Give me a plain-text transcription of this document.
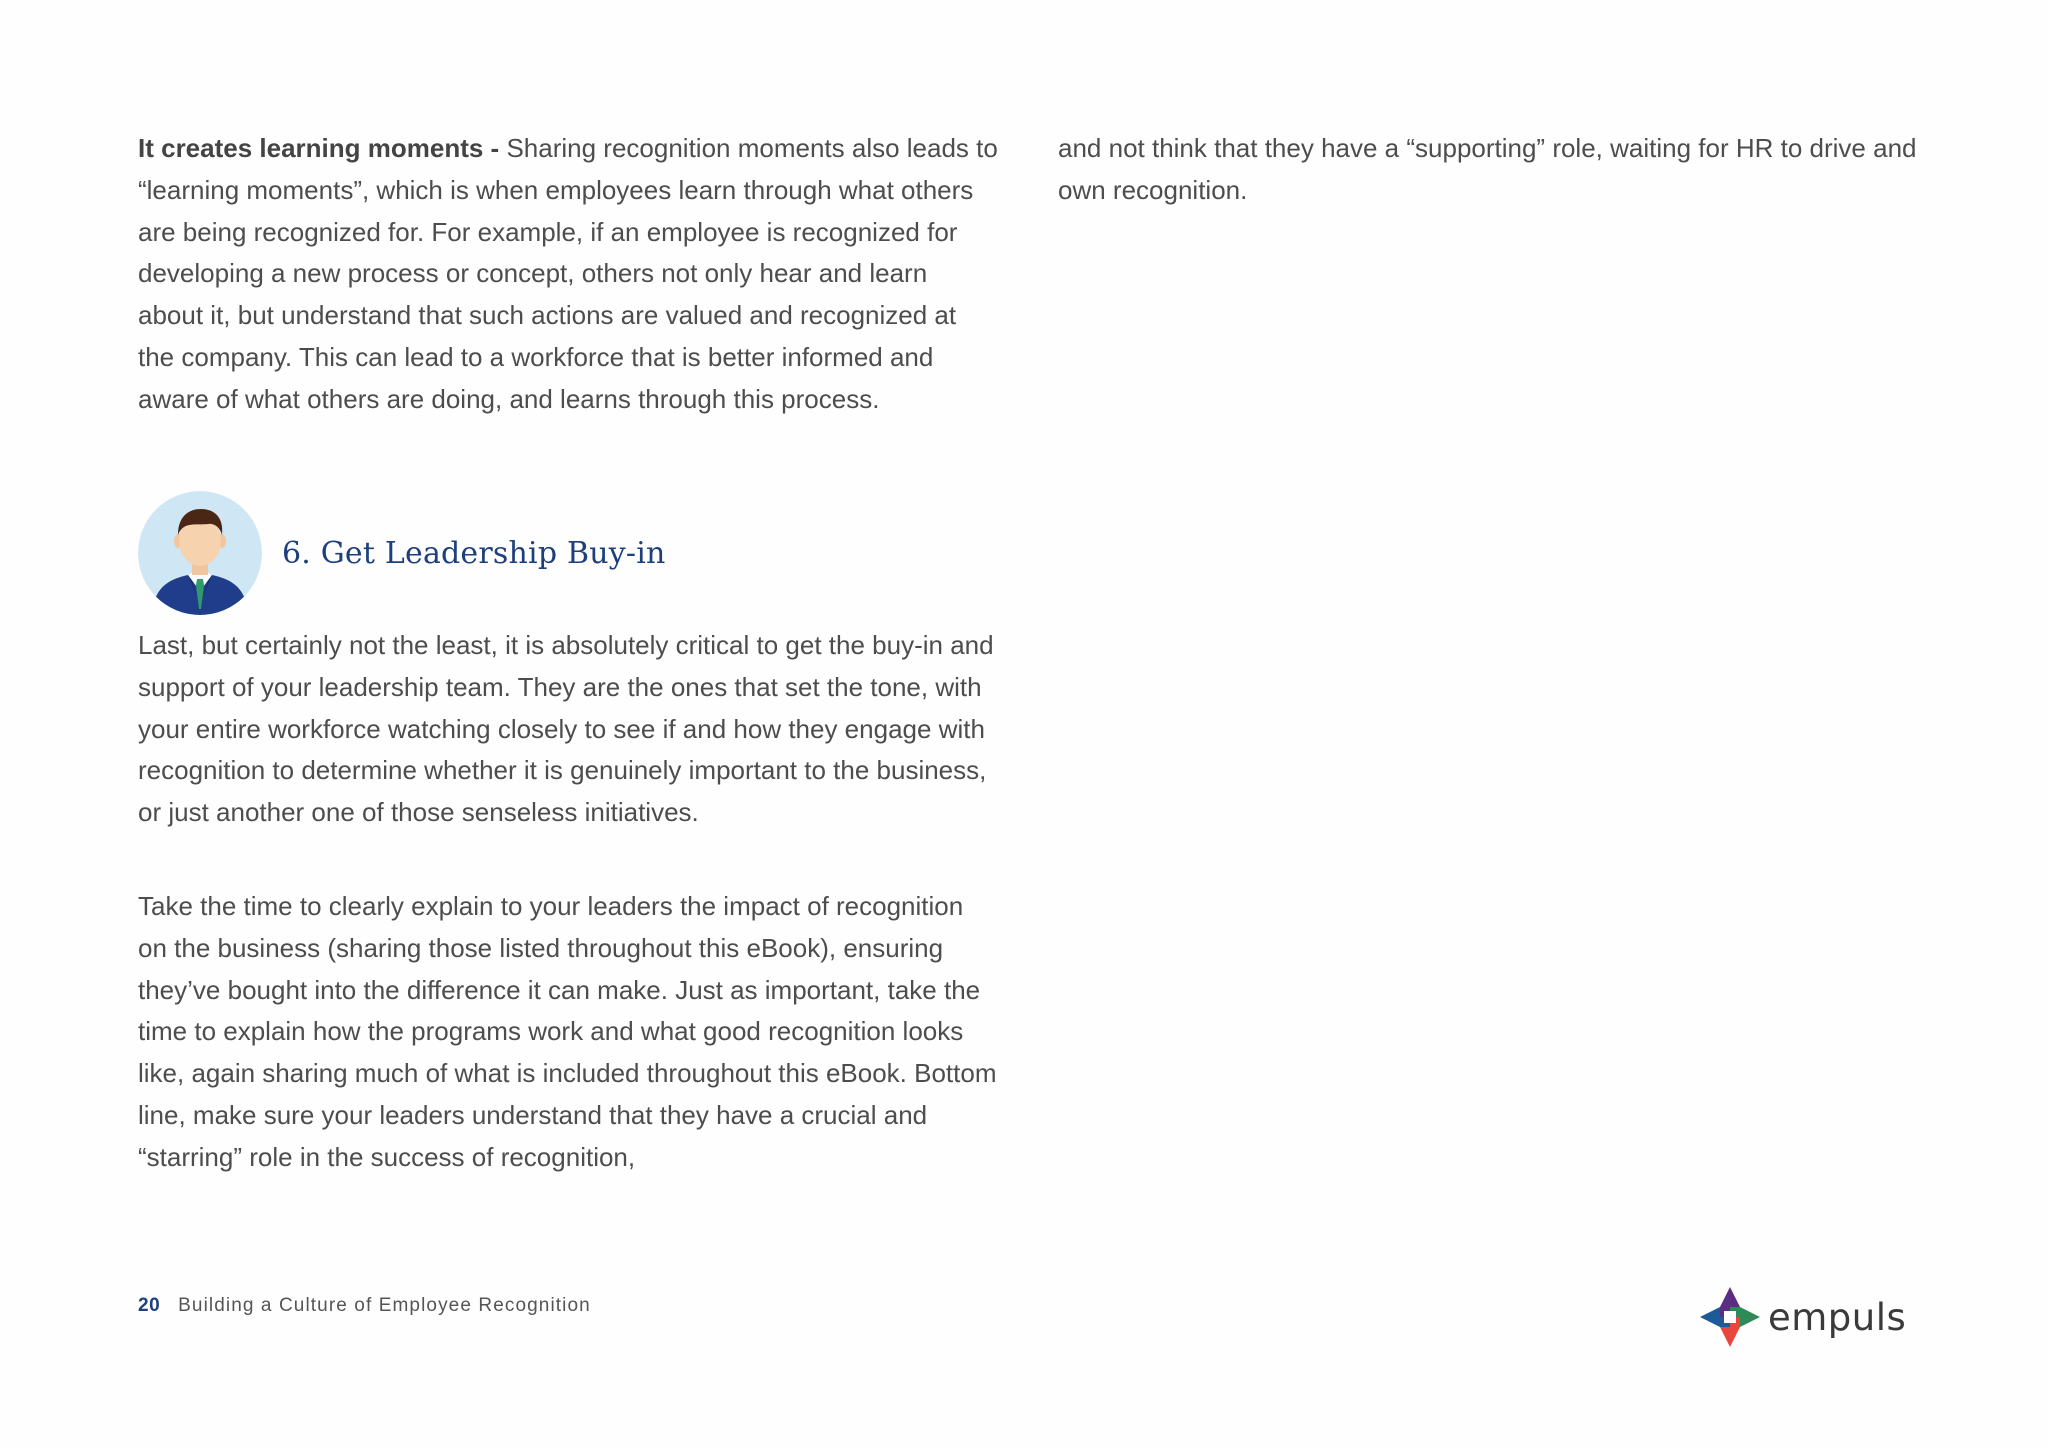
It creates learning moments - Sharing recognition moments also leads to “learning moments”, which is when employees learn through what others are being recognized for. For example, if an employee is recognized for developing a new process or concept, others not only hear and learn about it, but understand that such actions are valued and recognized at the company. This can lead to a workforce that is better informed and aware of what others are doing, and learns through this process.

6. Get Leadership Buy-in

Last, but certainly not the least, it is absolutely critical to get the buy-in and support of your leadership team. They are the ones that set the tone, with your entire workforce watching closely to see if and how they engage with recognition to determine whether it is genuinely important to the business, or just another one of those senseless initiatives.

Take the time to clearly explain to your leaders the impact of recognition on the business (sharing those listed throughout this eBook), ensuring they’ve bought into the difference it can make. Just as important, take the time to explain how the programs work and what good recognition looks like, again sharing much of what is included throughout this eBook. Bottom line, make sure your leaders understand that they have a crucial and “starring” role in the success of recognition,

and not think that they have a “supporting” role, waiting for HR to drive and own recognition.

20 Building a Culture of Employee Recognition	empuls
